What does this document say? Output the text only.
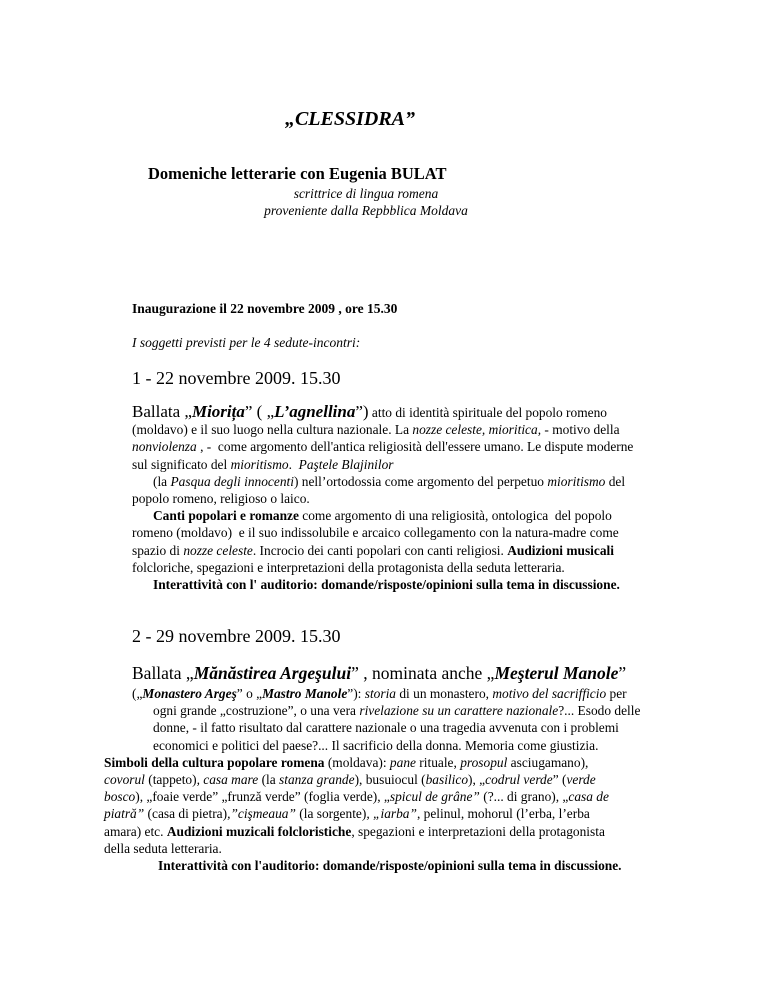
„CLESSIDRA”
Domeniche letterarie con Eugenia BULAT
scrittrice di lingua romena
proveniente dalla Repbblica Moldava
Inaugurazione il 22 novembre 2009 , ore 15.30
I soggetti previsti per le 4 sedute-incontri:
1 - 22 novembre 2009. 15.30
Ballata „Miorița” ( „L’agnellina”) atto di identità spirituale del popolo romeno
(moldavo) e il suo luogo nella cultura nazionale. La nozze celeste, mioritica, - motivo della
nonviolenza , -  come argomento dell'antica religiosità dell'essere umano. Le dispute moderne
sul significato del mioritismo.  Paştele Blajinilor
(la Pasqua degli innocenti) nell’ortodossia come argomento del perpetuo mioritismo del
popolo romeno, religioso o laico.
Canti popolari e romanze come argomento di una religiosità, ontologica  del popolo
romeno (moldavo)  e il suo indissolubile e arcaico collegamento con la natura-madre come
spazio di nozze celeste. Incrocio dei canti popolari con canti religiosi. Audizioni musicali
folcloriche, spegazioni e interpretazioni della protagonista della seduta letteraria.
Interattività con l' auditorio: domande/risposte/opinioni sulla tema in discussione.
2 - 29 novembre 2009. 15.30
Ballata „Mănăstirea Argeşului” , nominata anche „Meşterul Manole”
(„Monastero Argeş” o „Mastro Manole”): storia di un monastero, motivo del sacrifficio per
ogni grande „costruzione”, o una vera rivelazione su un carattere nazionale?... Esodo delle
donne, - il fatto risultato dal carattere nazionale o una tragedia avvenuta con i problemi
economici e politici del paese?... Il sacrificio della donna. Memoria come giustizia.
Simboli della cultura popolare romena (moldava): pane rituale, prosopul asciugamano),
covorul (tappeto), casa mare (la stanza grande), busuiocul (basilico), „codrul verde” (verde
bosco), „foaie verde” „frunză verde” (foglia verde), „spicul de grâne” (?... di grano), „casa de
piatră” (casa di pietra),”cişmeaua” (la sorgente), „iarba”, pelinul, mohorul (l’erba, l’erba
amara) etc. Audizioni muzicali folcloristiche, spegazioni e interpretazioni della protagonista
della seduta letteraria.
Interattività con l'auditorio: domande/risposte/opinioni sulla tema in discussione.
